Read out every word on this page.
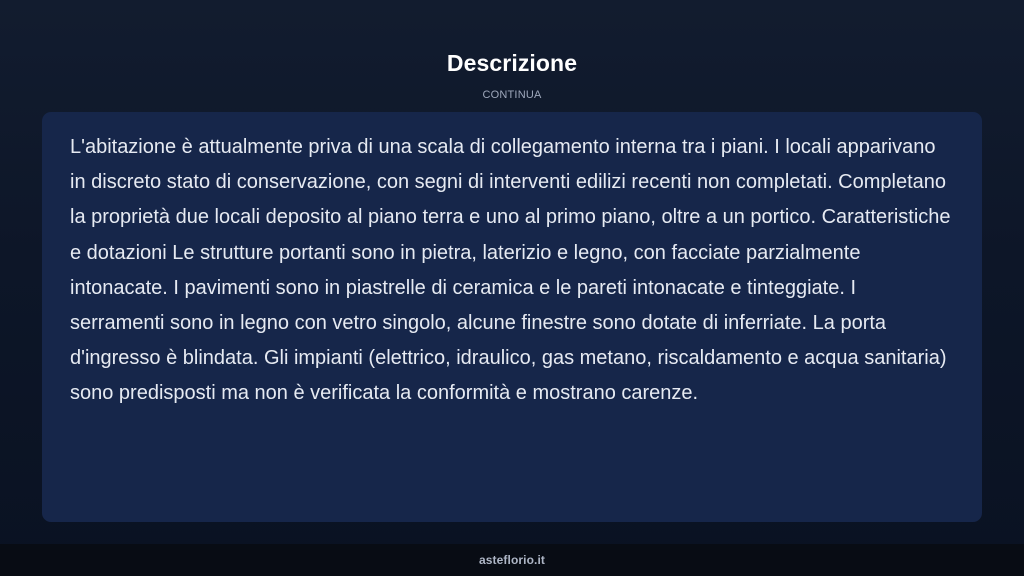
Descrizione
CONTINUA

L'abitazione è attualmente priva di una scala di collegamento interna tra i piani. I locali apparivano in discreto stato di conservazione, con segni di interventi edilizi recenti non completati. Completano la proprietà due locali deposito al piano terra e uno al primo piano, oltre a un portico. Caratteristiche e dotazioni Le strutture portanti sono in pietra, laterizio e legno, con facciate parzialmente intonacate. I pavimenti sono in piastrelle di ceramica e le pareti intonacate e tinteggiate. I serramenti sono in legno con vetro singolo, alcune finestre sono dotate di inferriate. La porta d'ingresso è blindata. Gli impianti (elettrico, idraulico, gas metano, riscaldamento e acqua sanitaria) sono predisposti ma non è verificata la conformità e mostrano carenze.

asteflorio.it
